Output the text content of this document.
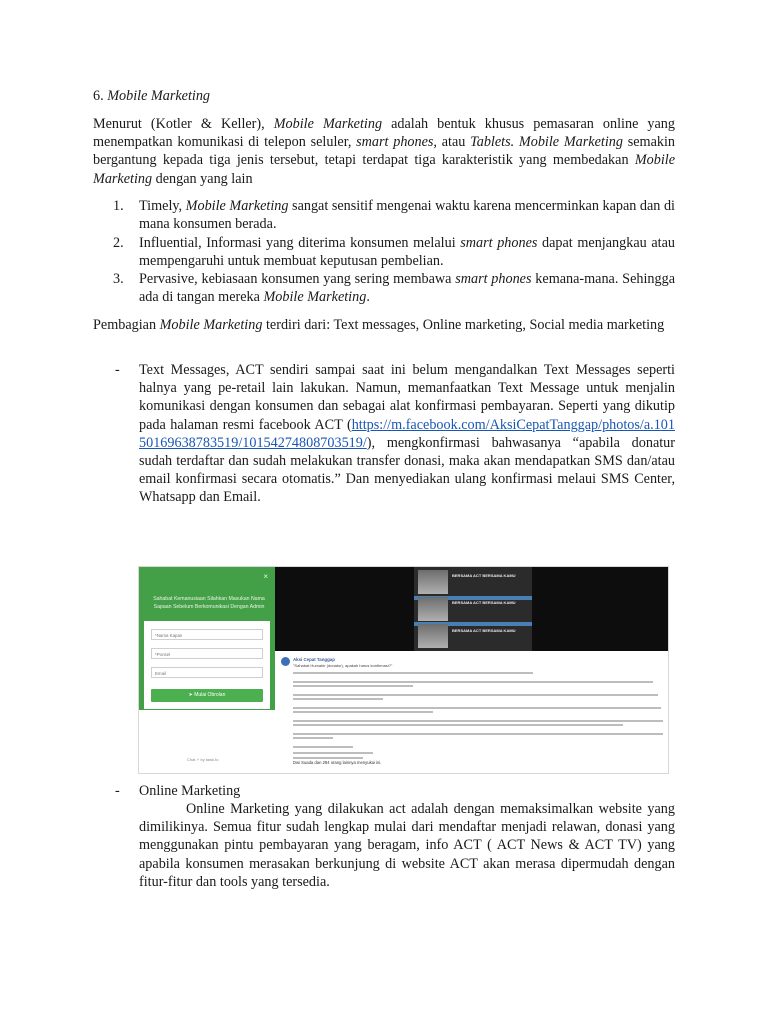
6. Mobile Marketing

Menurut (Kotler & Keller), Mobile Marketing adalah bentuk khusus pemasaran online yang menempatkan komunikasi di telepon seluler, smart phones, atau Tablets. Mobile Marketing semakin bergantung kepada tiga jenis tersebut, tetapi terdapat tiga karakteristik yang membedakan Mobile Marketing dengan yang lain

1.	Timely, Mobile Marketing sangat sensitif mengenai waktu karena mencerminkan kapan dan di mana konsumen berada.
2.	Influential, Informasi yang diterima konsumen melalui smart phones dapat menjangkau atau mempengaruhi untuk membuat keputusan pembelian.
3.	Pervasive, kebiasaan konsumen yang sering membawa smart phones kemana-mana. Sehingga ada di tangan mereka Mobile Marketing.

Pembagian Mobile Marketing terdiri dari: Text messages, Online marketing, Social media marketing

-	Text Messages, ACT sendiri sampai saat ini belum mengandalkan Text Messages seperti halnya yang pe-retail lain lakukan. Namun, memanfaatkan Text Message untuk menjalin komunikasi dengan konsumen dan sebagai alat konfirmasi pembayaran. Seperti yang dikutip pada halaman resmi facebook ACT (https://m.facebook.com/AksiCepatTanggap/photos/a.10150169638783519/10154274808703519/), mengkonfirmasi bahwasanya “apabila donatur sudah terdaftar dan sudah melakukan transfer donasi, maka akan mendapatkan SMS dan/atau email konfirmasi secara otomatis.” Dan menyediakan ulang konfirmasi melaui SMS Center, Whatsapp dan Email.
×
Sahabat Kemanusiaan Silahkan Masukan Nama Sapaan Sebelum Berkomunikasi Dengan Admin
*Nama Kapan
*Ponsel
Email
➤ Mulai Obrolan
Chat ⚡ by tawk.to
BERSAMA ACT BERSAMA KAMU
BERSAMA ACT BERSAMA KAMU
BERSAMA ACT BERSAMA KAMU
Aksi Cepat Tanggap
"Sahabat Humabir (donatur), apakah harus konfirmasi?"
Dwi Suada dan 294 orang lainnya menyukai ini.
-	Online Marketing

Online Marketing yang dilakukan act adalah dengan memaksimalkan website yang dimilikinya. Semua fitur sudah lengkap mulai dari mendaftar menjadi relawan, donasi yang menggunakan pintu pembayaran yang beragam, info ACT ( ACT News & ACT TV) yang apabila konsumen merasakan berkunjung di website ACT akan merasa dipermudah dengan fitur-fitur dan tools yang tersedia.
